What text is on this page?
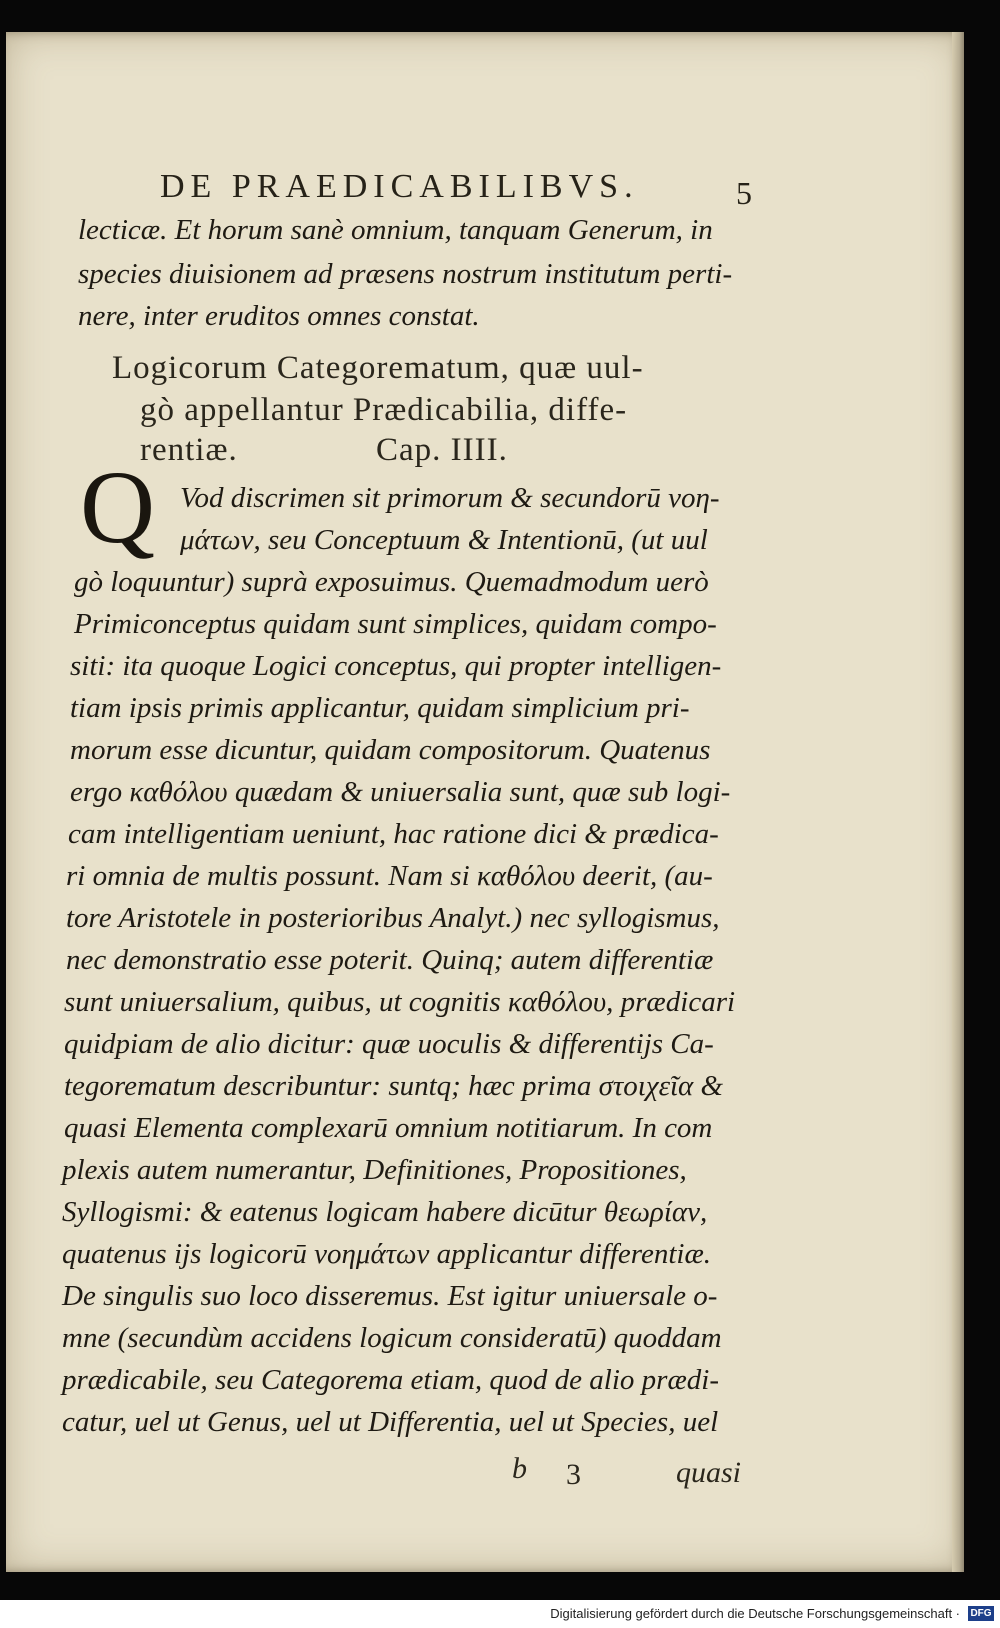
DE PRAEDICABILIBVS.	5
lecticæ. Et horum sanè omnium, tanquam Generum, in
species diuisionem ad præsens nostrum institutum perti-
nere, inter eruditos omnes constat.
Logicorum Categorematum, quæ uul-
gò appellantur Prædicabilia, diffe-
rentiæ.	Cap. IIII.
Q Vod discrimen sit primorum & secundorū νοη-
μάτων, seu Conceptuum & Intentionū, (ut uul
gò loquuntur) suprà exposuimus. Quemadmodum uerò
Primiconceptus quidam sunt simplices, quidam compo-
siti: ita quoque Logici conceptus, qui propter intelligen-
tiam ipsis primis applicantur, quidam simplicium pri-
morum esse dicuntur, quidam compositorum. Quatenus
ergo καθόλου quædam & uniuersalia sunt, quæ sub logi-
cam intelligentiam ueniunt, hac ratione dici & prædica-
ri omnia de multis possunt. Nam si καθόλου deerit, (au-
tore Aristotele in posterioribus Analyt.) nec syllogismus,
nec demonstratio esse poterit. Quinq; autem differentiæ
sunt uniuersalium, quibus, ut cognitis καθόλου, prædicari
quidpiam de alio dicitur: quæ uoculis & differentijs Ca-
tegorematum describuntur: suntq; hæc prima στοιχεῖα &
quasi Elementa complexarū omnium notitiarum. In com
plexis autem numerantur, Definitiones, Propositiones,
Syllogismi: & eatenus logicam habere dicūtur θεωρίαν,
quatenus ijs logicorū νοημάτων applicantur differentiæ.
De singulis suo loco disseremus. Est igitur uniuersale o-
mne (secundùm accidens logicum consideratū) quoddam
prædicabile, seu Categorema etiam, quod de alio prædi-
catur, uel ut Genus, uel ut Differentia, uel ut Species, uel
b 3	quasi
Digitalisierung gefördert durch die Deutsche Forschungsgemeinschaft · DFG
